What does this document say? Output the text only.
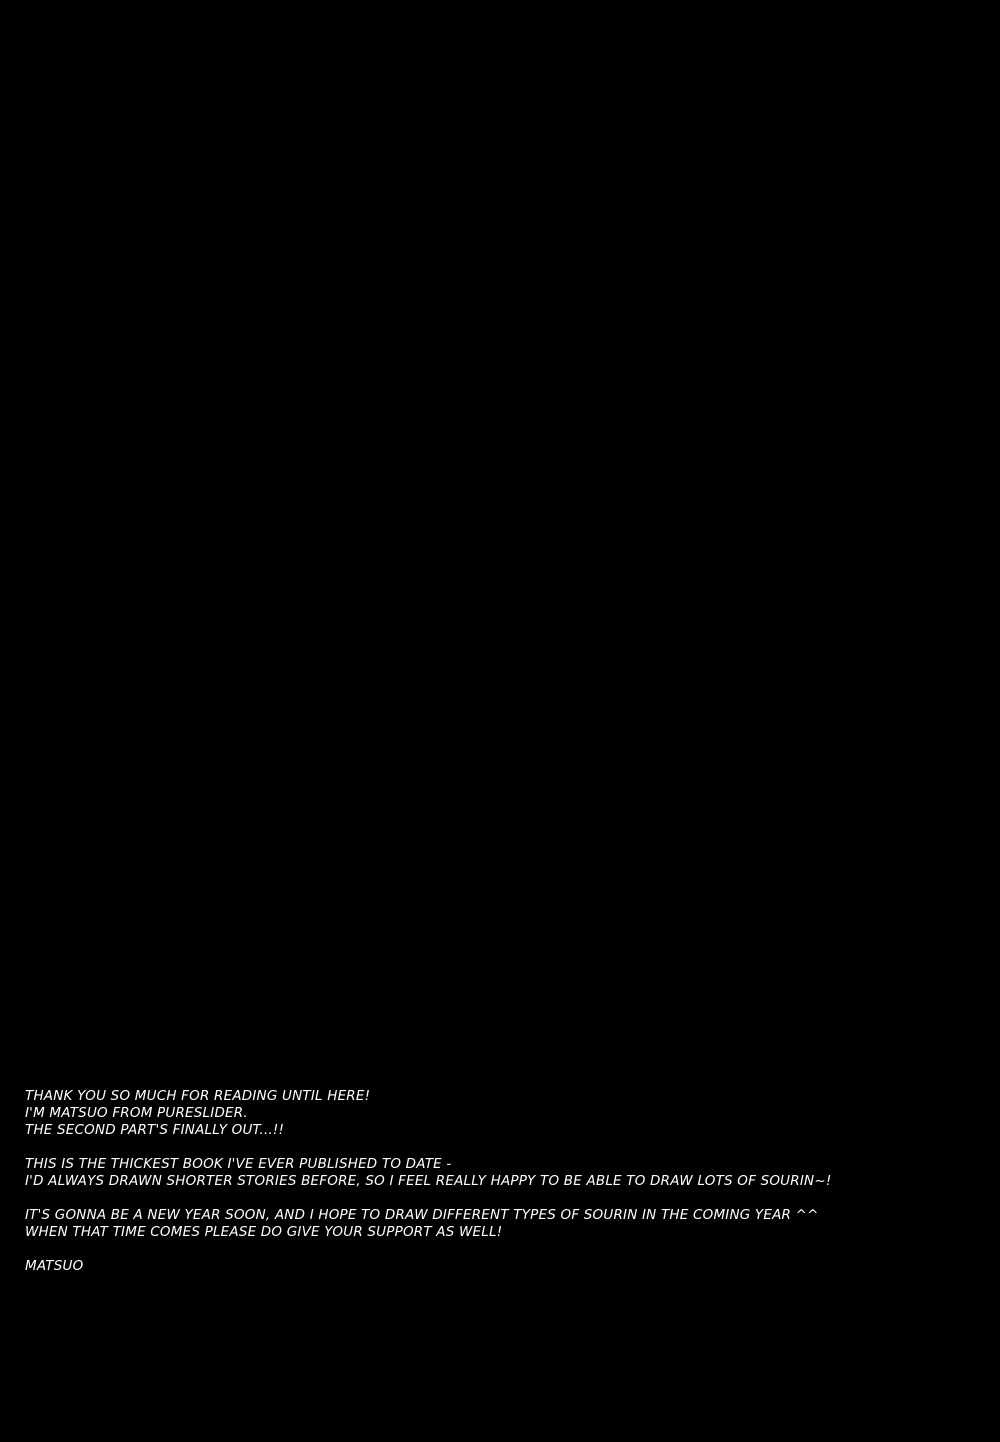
THANK YOU SO MUCH FOR READING UNTIL HERE!
I'M MATSUO FROM PURESLIDER.
THE SECOND PART'S FINALLY OUT...!!
THIS IS THE THICKEST BOOK I'VE EVER PUBLISHED TO DATE -
I'D ALWAYS DRAWN SHORTER STORIES BEFORE, SO I FEEL REALLY HAPPY TO BE ABLE TO DRAW LOTS OF SOURIN~!
IT'S GONNA BE A NEW YEAR SOON, AND I HOPE TO DRAW DIFFERENT TYPES OF SOURIN IN THE COMING YEAR ^^
WHEN THAT TIME COMES PLEASE DO GIVE YOUR SUPPORT AS WELL!
MATSUO
